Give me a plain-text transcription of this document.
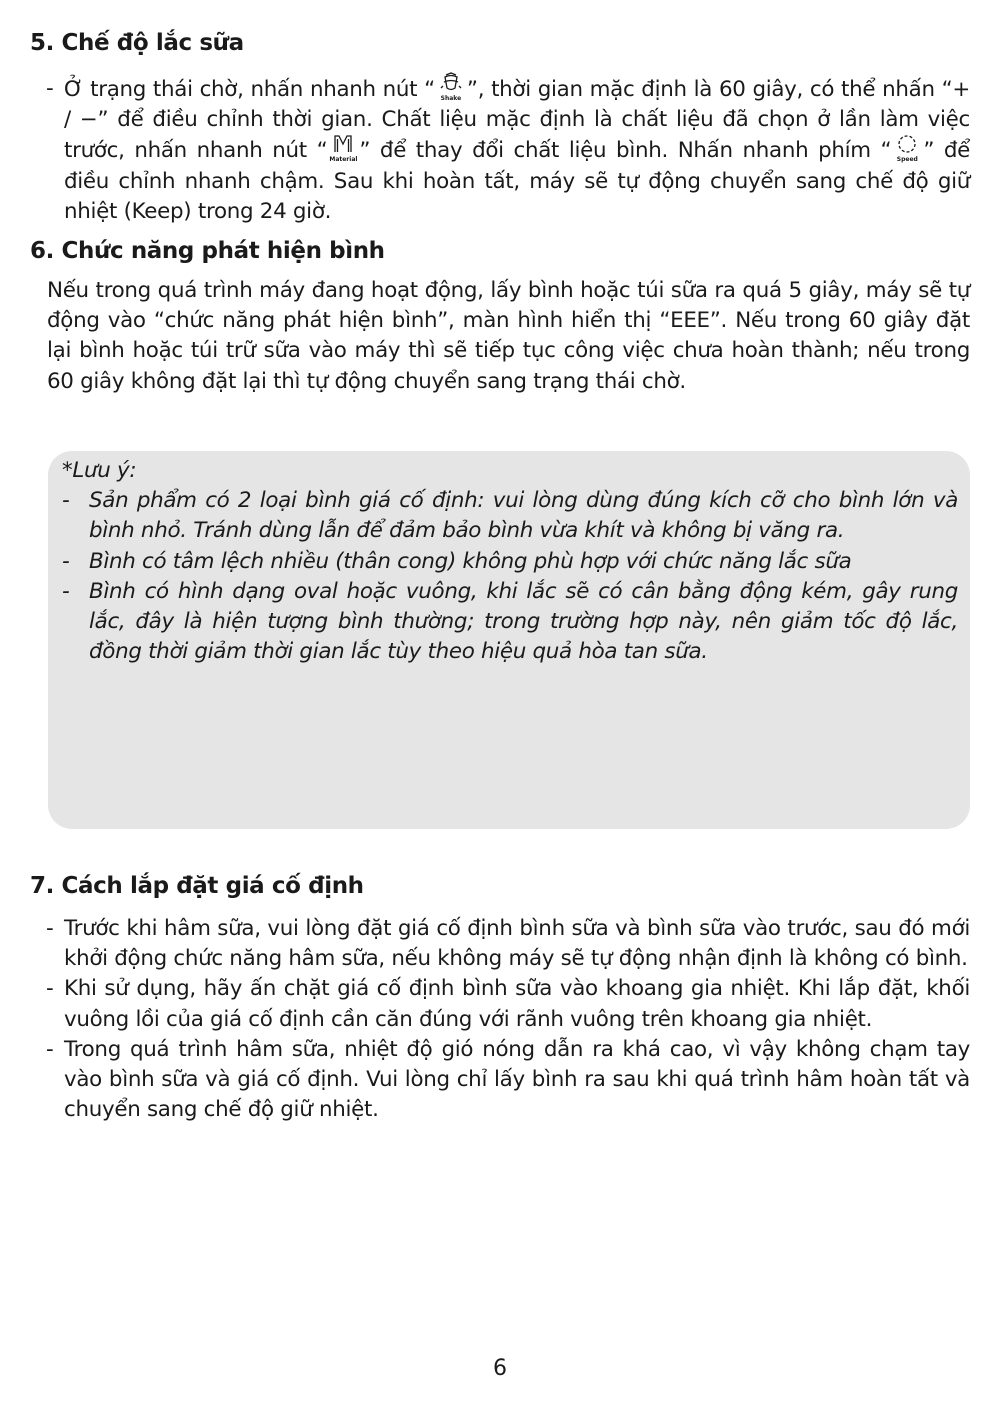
5. Chế độ lắc sữa

- Ở trạng thái chờ, nhấn nhanh nút “ Shake ”, thời gian mặc định là 60 giây, có thể nhấn “+ / −” để điều chỉnh thời gian. Chất liệu mặc định là chất liệu đã chọn ở lần làm việc trước, nhấn nhanh nút “ Material ” để thay đổi chất liệu bình. Nhấn nhanh phím “ Speed ” để điều chỉnh nhanh chậm. Sau khi hoàn tất, máy sẽ tự động chuyển sang chế độ giữ nhiệt (Keep) trong 24 giờ.

6. Chức năng phát hiện bình
Nếu trong quá trình máy đang hoạt động, lấy bình hoặc túi sữa ra quá 5 giây, máy sẽ tự động vào “chức năng phát hiện bình”, màn hình hiển thị “EEE”. Nếu trong 60 giây đặt lại bình hoặc túi trữ sữa vào máy thì sẽ tiếp tục công việc chưa hoàn thành; nếu trong 60 giây không đặt lại thì tự động chuyển sang trạng thái chờ.
*Lưu ý:

- Sản phẩm có 2 loại bình giá cố định: vui lòng dùng đúng kích cỡ cho bình lớn và bình nhỏ. Tránh dùng lẫn để đảm bảo bình vừa khít và không bị văng ra.

- Bình có tâm lệch nhiều (thân cong) không phù hợp với chức năng lắc sữa

- Bình có hình dạng oval hoặc vuông, khi lắc sẽ có cân bằng động kém, gây rung lắc, đây là hiện tượng bình thường; trong trường hợp này, nên giảm tốc độ lắc, đồng thời giảm thời gian lắc tùy theo hiệu quả hòa tan sữa.

7. Cách lắp đặt giá cố định

- Trước khi hâm sữa, vui lòng đặt giá cố định bình sữa và bình sữa vào trước, sau đó mới khởi động chức năng hâm sữa, nếu không máy sẽ tự động nhận định là không có bình.

- Khi sử dụng, hãy ấn chặt giá cố định bình sữa vào khoang gia nhiệt. Khi lắp đặt, khối vuông lồi của giá cố định cần căn đúng với rãnh vuông trên khoang gia nhiệt.

- Trong quá trình hâm sữa, nhiệt độ gió nóng dẫn ra khá cao, vì vậy không chạm tay vào bình sữa và giá cố định. Vui lòng chỉ lấy bình ra sau khi quá trình hâm hoàn tất và chuyển sang chế độ giữ nhiệt.

6
